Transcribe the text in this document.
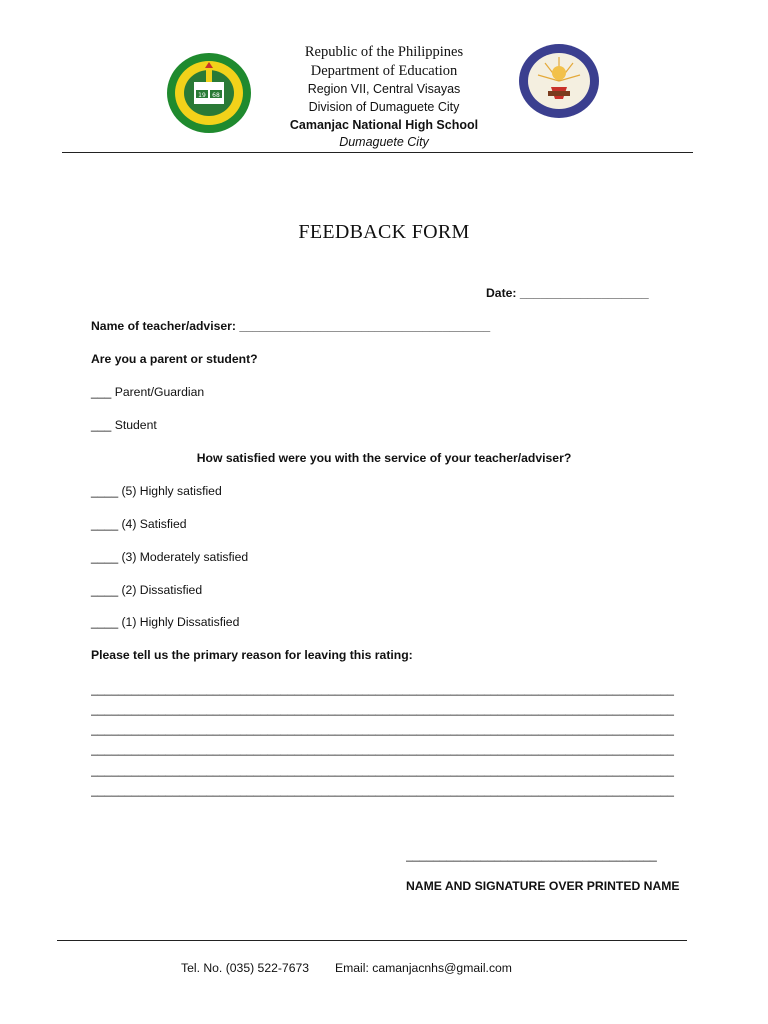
19 68
Republic of the Philippines
Department of Education
Region VII, Central Visayas
Division of Dumaguete City
Camanjac National High School
Dumaguete City
FEEDBACK FORM
Date: ___________________
Name of teacher/adviser: _____________________________________
Are you a parent or student?
___ Parent/Guardian
___ Student
How satisfied were you with the service of your teacher/adviser?
____ (5) Highly satisfied
____ (4) Satisfied
____ (3) Moderately satisfied
____ (2) Dissatisfied
____ (1) Highly Dissatisfied
Please tell us the primary reason for leaving this rating:
______________________________________________________________________________________
______________________________________________________________________________________
______________________________________________________________________________________
______________________________________________________________________________________
______________________________________________________________________________________
______________________________________________________________________________________
_____________________________________
NAME AND SIGNATURE OVER PRINTED NAME
Tel. No. (035) 522-7673 Email: camanjacnhs@gmail.com
